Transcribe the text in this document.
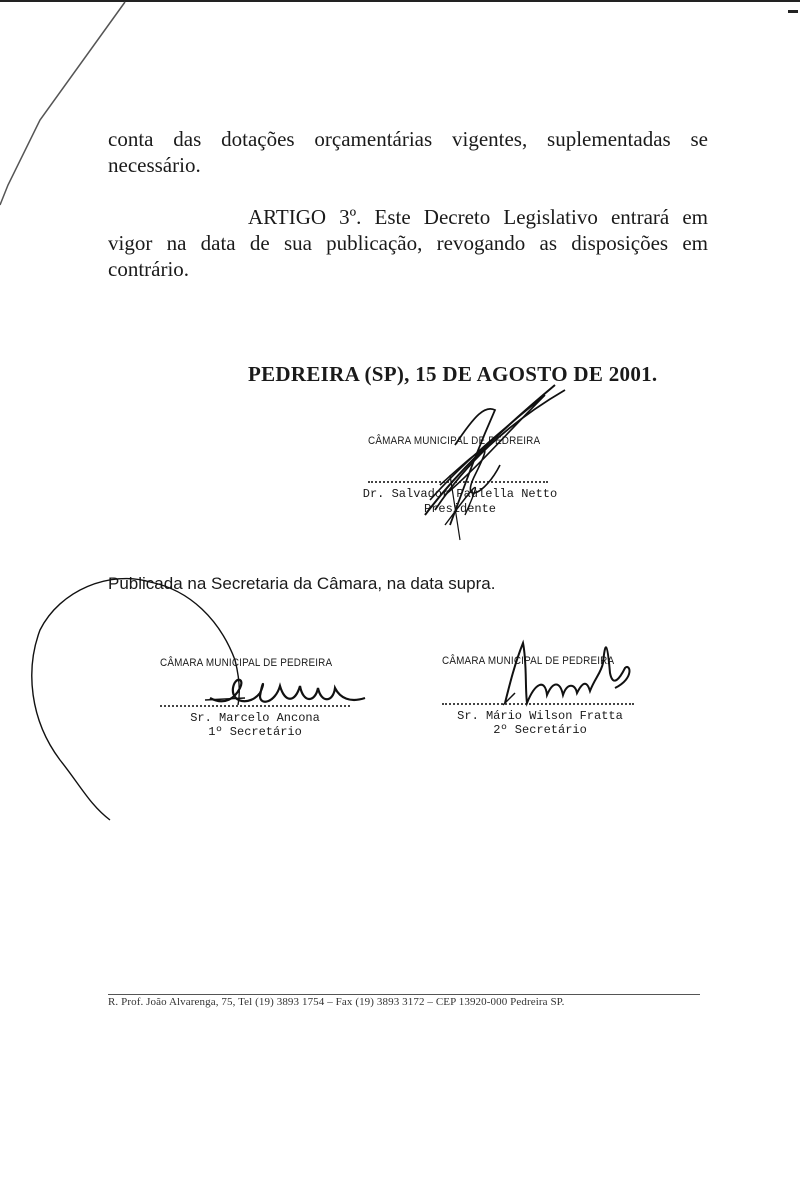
conta das dotações orçamentárias vigentes, suplementadas se necessário.
ARTIGO 3º. Este Decreto Legislativo entrará em vigor na data de sua publicação, revogando as disposições em contrário.
PEDREIRA (SP), 15 DE AGOSTO DE 2001.
CÂMARA MUNICIPAL DE PEDREIRA
Dr. Salvador Paulella Netto
Presidente
Publicada na Secretaria da Câmara, na data supra.
CÂMARA MUNICIPAL DE PEDREIRA
Sr. Marcelo Ancona
1º Secretário
CÂMARA MUNICIPAL DE PEDREIRA
Sr. Mário Wilson Fratta
2º Secretário
R. Prof. João Alvarenga, 75, Tel (19) 3893 1754 – Fax (19) 3893 3172 – CEP 13920-000 Pedreira SP.
